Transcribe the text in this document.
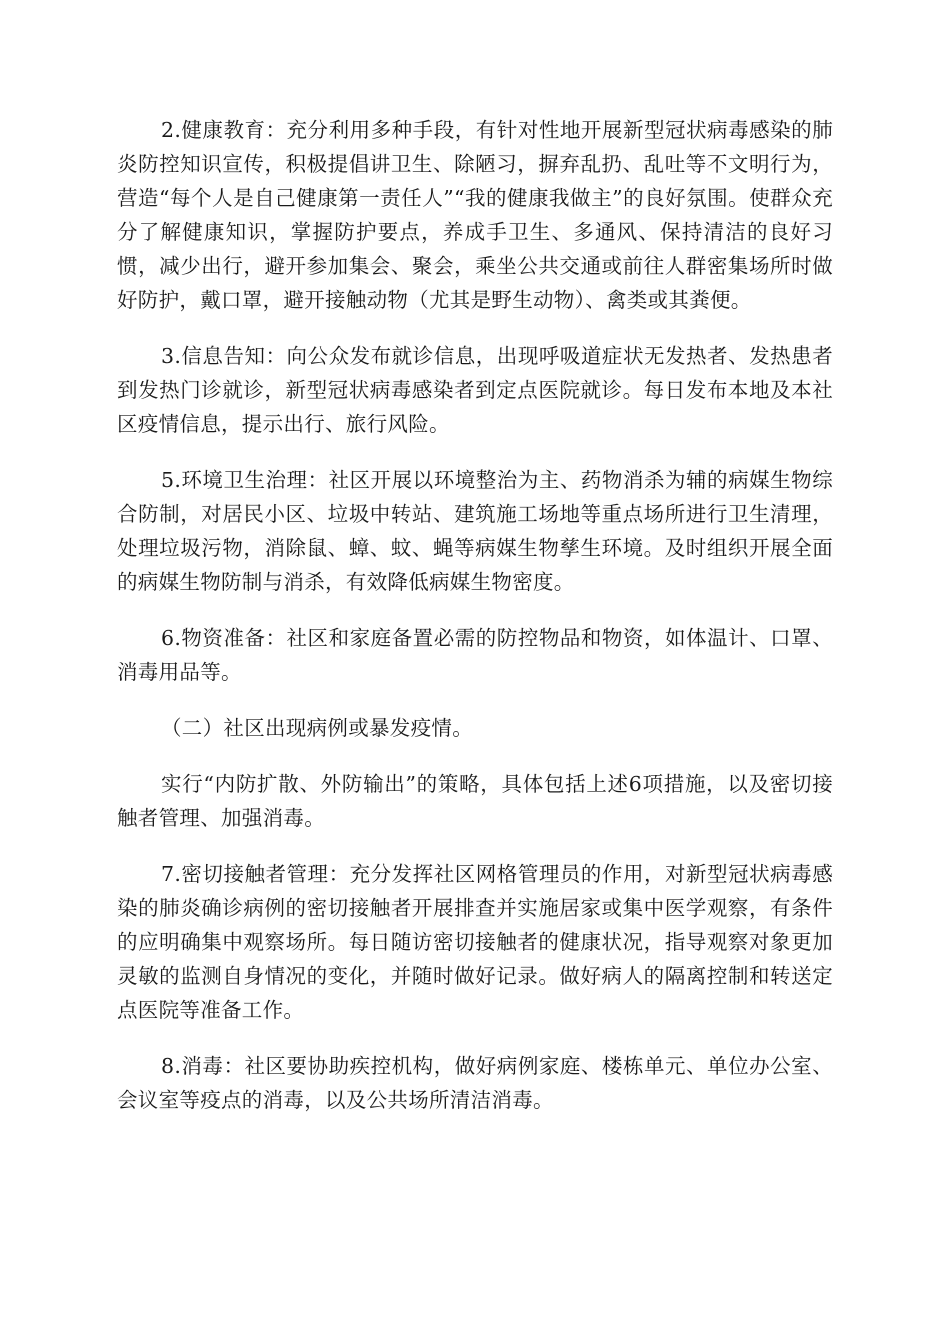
2.健康教育：充分利用多种手段，有针对性地开展新型冠状病毒感染的肺炎防控知识宣传，积极提倡讲卫生、除陋习，摒弃乱扔、乱吐等不文明行为，营造“每个人是自己健康第一责任人”“我的健康我做主”的良好氛围。使群众充分了解健康知识，掌握防护要点，养成手卫生、多通风、保持清洁的良好习惯，减少出行，避开参加集会、聚会，乘坐公共交通或前往人群密集场所时做好防护，戴口罩，避开接触动物（尤其是野生动物）、禽类或其粪便。

3.信息告知：向公众发布就诊信息，出现呼吸道症状无发热者、发热患者到发热门诊就诊，新型冠状病毒感染者到定点医院就诊。每日发布本地及本社区疫情信息，提示出行、旅行风险。

5.环境卫生治理：社区开展以环境整治为主、药物消杀为辅的病媒生物综合防制，对居民小区、垃圾中转站、建筑施工场地等重点场所进行卫生清理，处理垃圾污物，消除鼠、蟑、蚊、蝇等病媒生物孳生环境。及时组织开展全面的病媒生物防制与消杀，有效降低病媒生物密度。

6.物资准备：社区和家庭备置必需的防控物品和物资，如体温计、口罩、消毒用品等。

（二）社区出现病例或暴发疫情。

实行“内防扩散、外防输出”的策略，具体包括上述6项措施，以及密切接触者管理、加强消毒。

7.密切接触者管理：充分发挥社区网格管理员的作用，对新型冠状病毒感染的肺炎确诊病例的密切接触者开展排查并实施居家或集中医学观察，有条件的应明确集中观察场所。每日随访密切接触者的健康状况，指导观察对象更加灵敏的监测自身情况的变化，并随时做好记录。做好病人的隔离控制和转送定点医院等准备工作。

8.消毒：社区要协助疾控机构，做好病例家庭、楼栋单元、单位办公室、会议室等疫点的消毒，以及公共场所清洁消毒。
